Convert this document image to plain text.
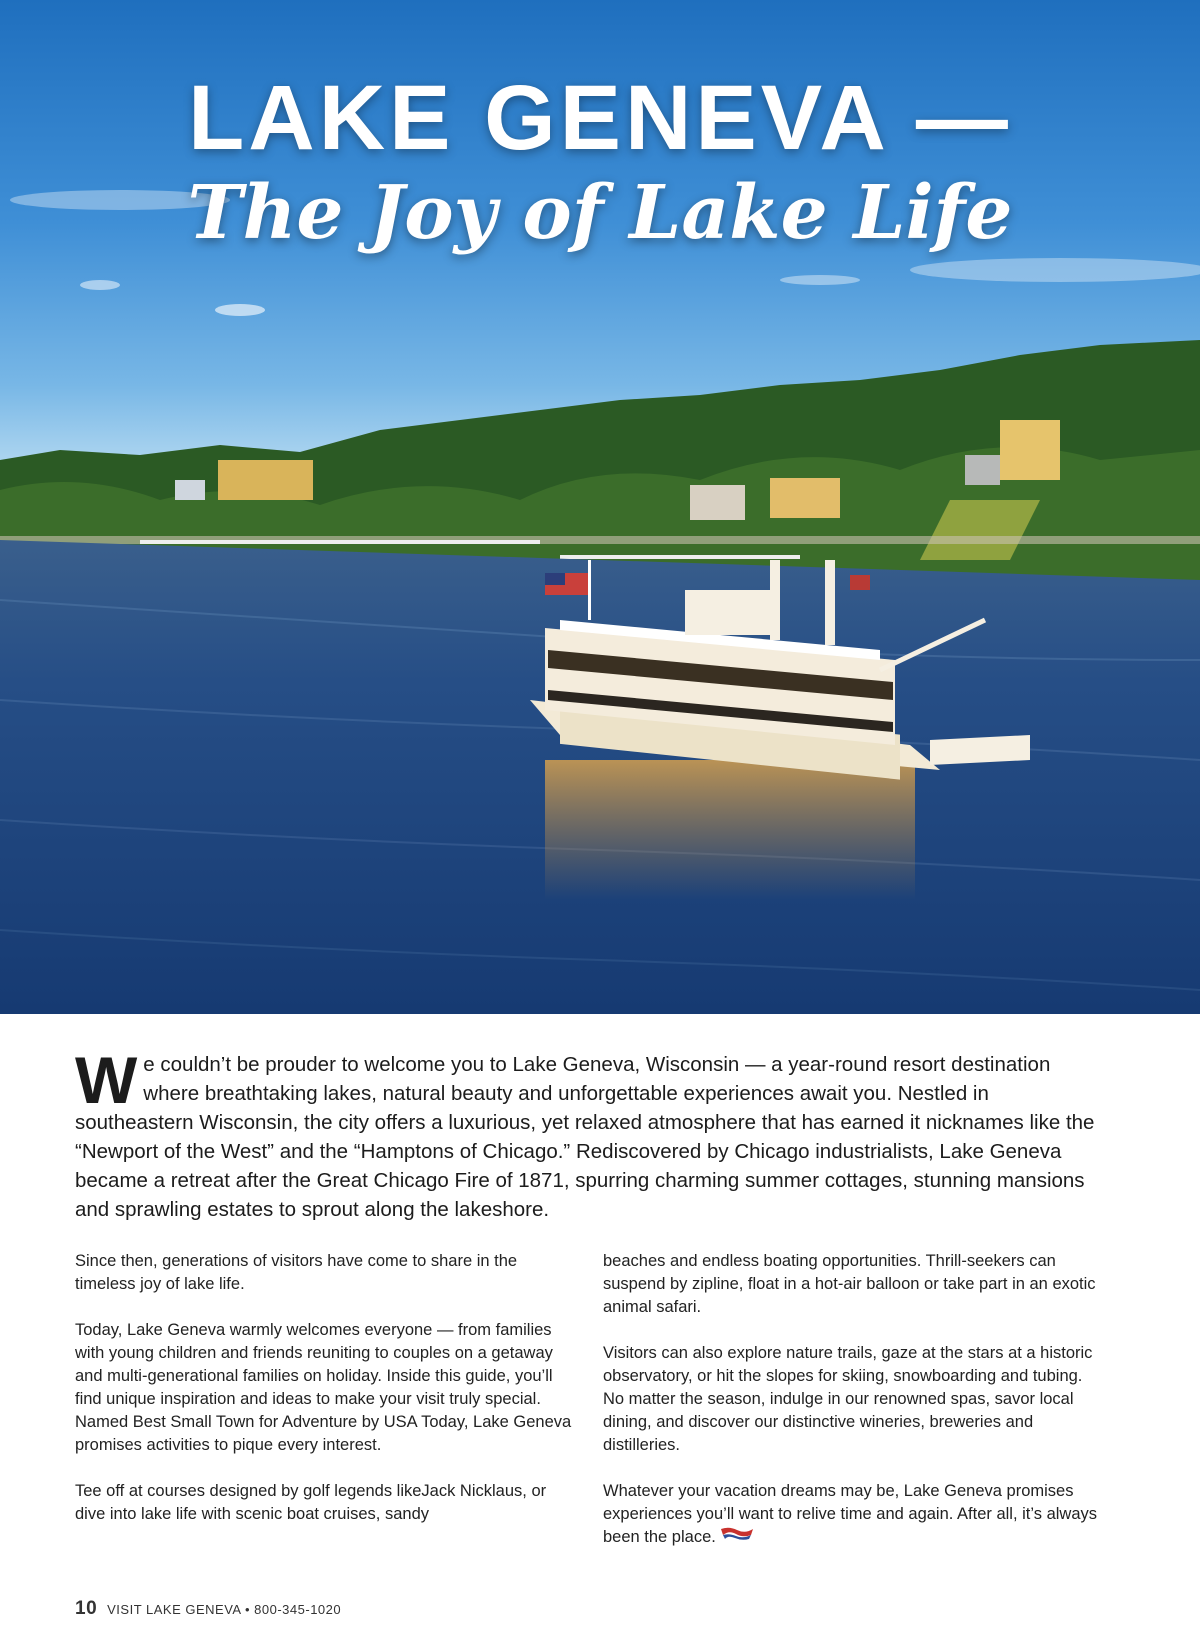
LAKE GENEVA —
The Joy of Lake Life

We couldn’t be prouder to welcome you to Lake Geneva, Wisconsin — a year-round resort destination where breathtaking lakes, natural beauty and unforgettable experiences await you. Nestled in southeastern Wisconsin, the city offers a luxurious, yet relaxed atmosphere that has earned it nicknames like the “Newport of the West” and the “Hamptons of Chicago.” Rediscovered by Chicago industrialists, Lake Geneva became a retreat after the Great Chicago Fire of 1871, spurring charming summer cottages, stunning mansions and sprawling estates to sprout along the lakeshore.

Since then, generations of visitors have come to share in the timeless joy of lake life.

Today, Lake Geneva warmly welcomes everyone — from families with young children and friends reuniting to couples on a getaway and multi-generational families on holiday. Inside this guide, you’ll find unique inspiration and ideas to make your visit truly special. Named Best Small Town for Adventure by USA Today, Lake Geneva promises activities to pique every interest.

Tee off at courses designed by golf legends likeJack Nicklaus, or dive into lake life with scenic boat cruises, sandy

beaches and endless boating opportunities. Thrill-seekers can suspend by zipline, float in a hot-air balloon or take part in an exotic animal safari.

Visitors can also explore nature trails, gaze at the stars at a historic observatory, or hit the slopes for skiing, snowboarding and tubing. No matter the season, indulge in our renowned spas, savor local dining, and discover our distinctive wineries, breweries and distilleries.

Whatever your vacation dreams may be, Lake Geneva promises experiences you’ll want to relive time and again. After all, it’s always been the place.

10 VISIT LAKE GENEVA • 800-345-1020
